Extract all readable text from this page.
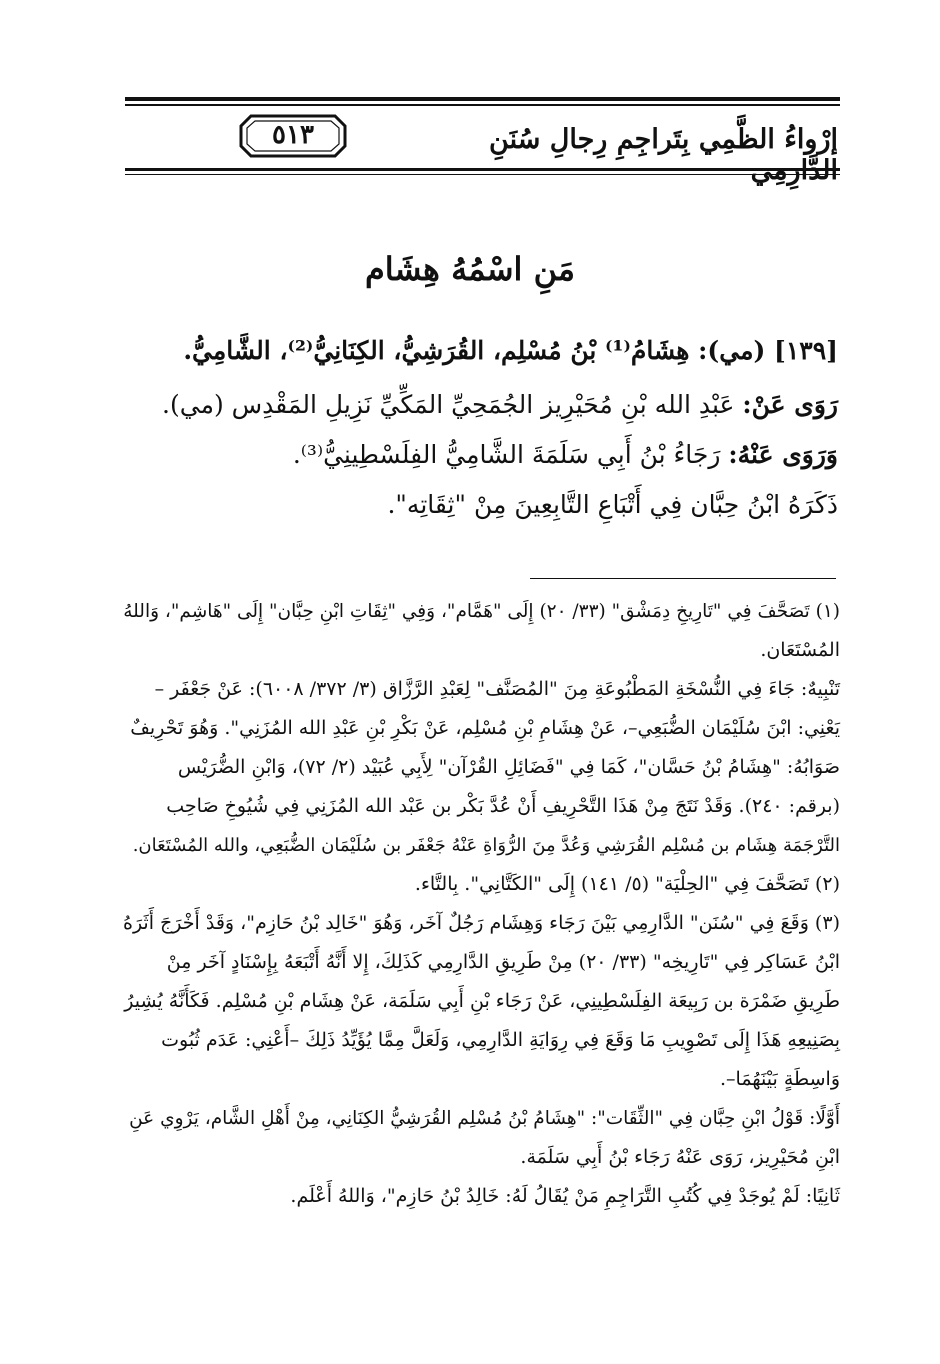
٥١٣	إرْواءُ الظَّمِي بِتَراجِمِ رِجالِ سُنَنِ
مَنِ اسْمُهُ هِشَام
[١٣٩] (مي): هِشَامُ⁽¹⁾ بْنُ مُسْلِم، القُرَشِيُّ، الكِنَانِيُّ⁽²⁾، الشَّامِيُّ.
رَوَى عَنْ: عَبْدِ الله بْنِ مُحَيْرِيز الجُمَحِيِّ المَكِّيِّ نَزِيلِ المَقْدِس (مي).
وَرَوَى عَنْهُ: رَجَاءُ بْنُ أَبِي سَلَمَةَ الشَّامِيُّ الفِلَسْطِينِيُّ⁽³⁾.
ذَكَرَهُ ابْنُ حِبَّان فِي أَتْبَاعِ التَّابِعِينَ مِنْ "ثِقَاتِه".
(١) تَصَحَّفَ فِي "تَارِيخِ دِمَشْق" (٣٣/ ٢٠) إِلَى "هَمَّام"، وَفِي "ثِقَاتِ ابْنِ حِبَّان" إِلَى "هَاشِم"، وَاللهُ
المُسْتَعَان.
تَنْبِيهٌ: جَاءَ فِي النُّسْخَةِ المَطْبُوعَةِ مِنَ "المُصَنَّف" لِعَبْدِ الرَّزَّاق (٣/ ٣٧٢/ ٦٠٠٨): عَنْ جَعْفَر –
يَعْنِي: ابْنَ سُلَيْمَان الضُّبَعِي–، عَنْ هِشَامِ بْنِ مُسْلِم، عَنْ بَكْرِ بْنِ عَبْدِ الله المُزَنِي". وَهُوَ تَحْرِيفٌ
صَوَابُهُ: "هِشَامُ بْنُ حَسَّان"، كَمَا فِي "فَضَائِلِ القُرْآن" لِأَبِي عُبَيْد (٢/ ٧٢)، وَابْنِ الضُّرَيْس
(برقم: ٢٤٠). وَقَدْ نَتَجَ مِنْ هَذَا التَّحْرِيفِ أَنْ عُدَّ بَكْر بن عَبْد الله المُزَنِي فِي شُيُوخِ صَاحِب
التَّرْجَمَة هِشَام بن مُسْلِم القُرَشِي وَعُدَّ مِنَ الرُّوَاةِ عَنْهُ جَعْفَر بن سُلَيْمَان الضُّبَعِي، والله المُسْتَعَان.
(٢) تَصَحَّفَ فِي "الحِلْيَة" (٥/ ١٤١) إِلَى "الكَتَّانِي". بِالتَّاء.
(٣) وَقَعَ فِي "سُنَن" الدَّارِمِي بَيْنَ رَجَاء وَهِشَام رَجُلٌ آخَر، وَهُوَ "خَالِد بْنُ حَازِم"، وَقَدْ أَخْرَجَ أَثَرَهُ
ابْنُ عَسَاكِر فِي "تَارِيخِه" (٣٣/ ٢٠) مِنْ طَرِيقِ الدَّارِمِي كَذَلِكَ، إِلا أَنَّهُ أَتْبَعَهُ بِإِسْنَادٍ آخَر مِنْ
طَرِيقِ ضَمْرَة بن رَبِيعَة الفِلَسْطِينِي، عَنْ رَجَاء بْنِ أَبِي سَلَمَة، عَنْ هِشَام بْنِ مُسْلِم. فَكَأَنَّهُ يُشِيرُ
بِصَنِيعِهِ هَذَا إِلَى تَصْوِيبِ مَا وَقَعَ فِي رِوَايَةِ الدَّارِمِي، وَلَعَلَّ مِمَّا يُؤَيِّدُ ذَلِكَ –أَعْنِي: عَدَم ثُبُوت
وَاسِطَةٍ بَيْنَهُمَا–.
أَوَّلًا: قَوْلُ ابْنِ حِبَّان فِي "الثِّقَات": "هِشَامُ بْنُ مُسْلِم القُرَشِيُّ الكِنَانِي، مِنْ أَهْلِ الشَّام، يَرْوِي عَنِ
ابْنِ مُحَيْرِيز، رَوَى عَنْهُ رَجَاء بْنُ أَبِي سَلَمَة.
ثَانِيًا: لَمْ يُوجَدْ فِي كُتُبِ التَّرَاجِمِ مَنْ يُقَالُ لَهُ: خَالِدُ بْنُ حَازِم"، وَاللهُ أَعْلَم.
